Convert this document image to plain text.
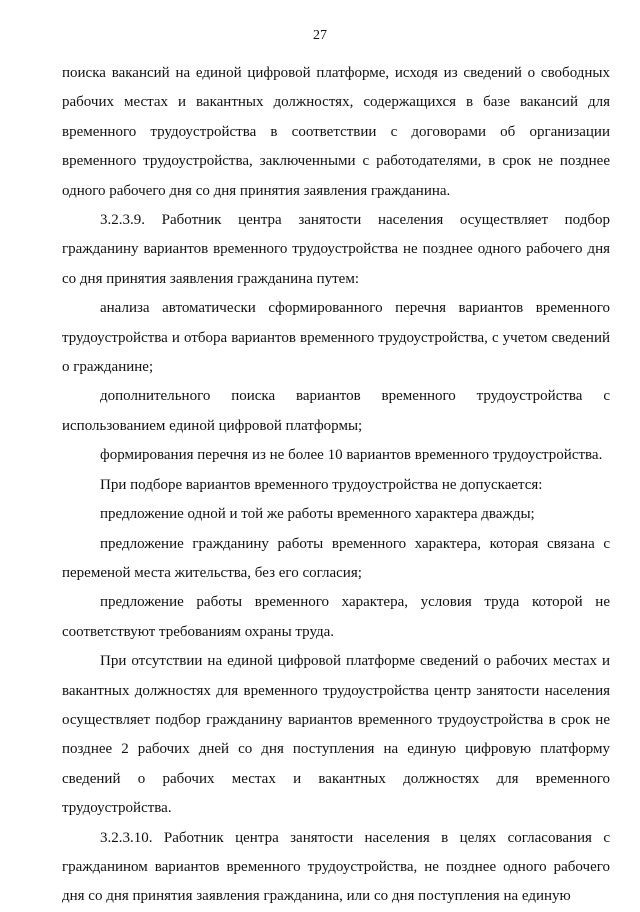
27

поиска вакансий на единой цифровой платформе, исходя из сведений о свободных рабочих местах и вакантных должностях, содержащихся в базе вакансий для временного трудоустройства в соответствии с договорами об организации временного трудоустройства, заключенными с работодателями, в срок не позднее одного рабочего дня со дня принятия заявления гражданина.

3.2.3.9. Работник центра занятости населения осуществляет подбор гражданину вариантов временного трудоустройства не позднее одного рабочего дня со дня принятия заявления гражданина путем:

анализа автоматически сформированного перечня вариантов временного трудоустройства и отбора вариантов временного трудоустройства, с учетом сведений о гражданине;

дополнительного поиска вариантов временного трудоустройства с использованием единой цифровой платформы;

формирования перечня из не более 10 вариантов временного трудоустройства.

При подборе вариантов временного трудоустройства не допускается:

предложение одной и той же работы временного характера дважды;

предложение гражданину работы временного характера, которая связана с переменой места жительства, без его согласия;

предложение работы временного характера, условия труда которой не соответствуют требованиям охраны труда.

При отсутствии на единой цифровой платформе сведений о рабочих местах и вакантных должностях для временного трудоустройства центр занятости населения осуществляет подбор гражданину вариантов временного трудоустройства в срок не позднее 2 рабочих дней со дня поступления на единую цифровую платформу сведений о рабочих местах и вакантных должностях для временного трудоустройства.

3.2.3.10. Работник центра занятости населения в целях согласования с гражданином вариантов временного трудоустройства, не позднее одного рабочего дня со дня принятия заявления гражданина, или со дня поступления на единую
